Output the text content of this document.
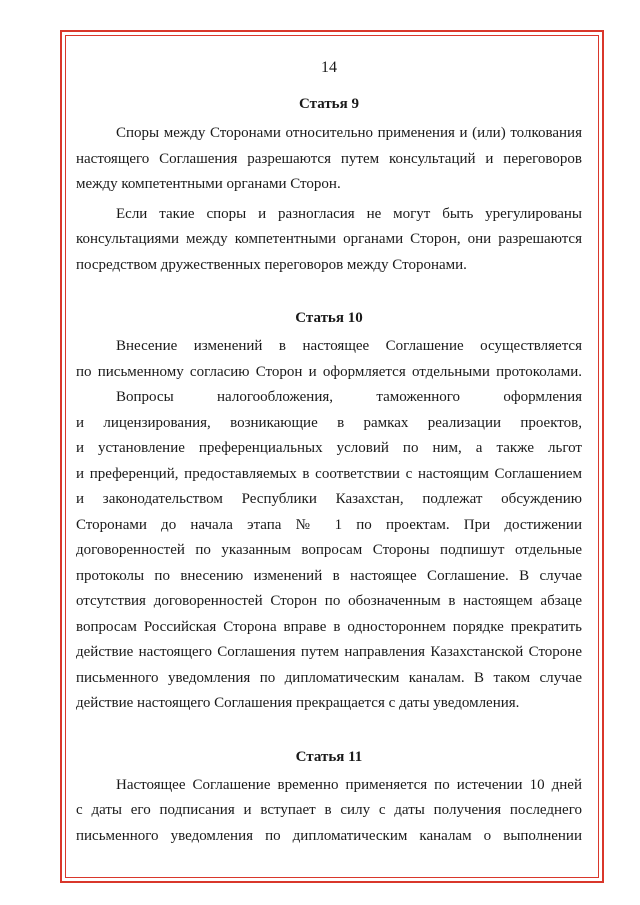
14
Статья 9
Споры между Сторонами относительно применения и (или) толкования
настоящего Соглашения разрешаются путем консультаций и переговоров
между компетентными органами Сторон.
Если такие споры и разногласия не могут быть урегулированы
консультациями между компетентными органами Сторон, они разрешаются
посредством дружественных переговоров между Сторонами.
Статья 10
Внесение изменений в настоящее Соглашение осуществляется
по письменному согласию Сторон и оформляется отдельными протоколами.
Вопросы налогообложения, таможенного оформления
и лицензирования, возникающие в рамках реализации проектов,
и установление преференциальных условий по ним, а также льгот
и преференций, предоставляемых в соответствии с настоящим Соглашением
и законодательством Республики Казахстан, подлежат обсуждению
Сторонами до начала этапа № 1 по проектам. При достижении
договоренностей по указанным вопросам Стороны подпишут отдельные
протоколы по внесению изменений в настоящее Соглашение. В случае
отсутствия договоренностей Сторон по обозначенным в настоящем абзаце
вопросам Российская Сторона вправе в одностороннем порядке прекратить
действие настоящего Соглашения путем направления Казахстанской Стороне
письменного уведомления по дипломатическим каналам. В таком случае
действие настоящего Соглашения прекращается с даты уведомления.
Статья 11
Настоящее Соглашение временно применяется по истечении 10 дней
с даты его подписания и вступает в силу с даты получения последнего
письменного уведомления по дипломатическим каналам о выполнении
